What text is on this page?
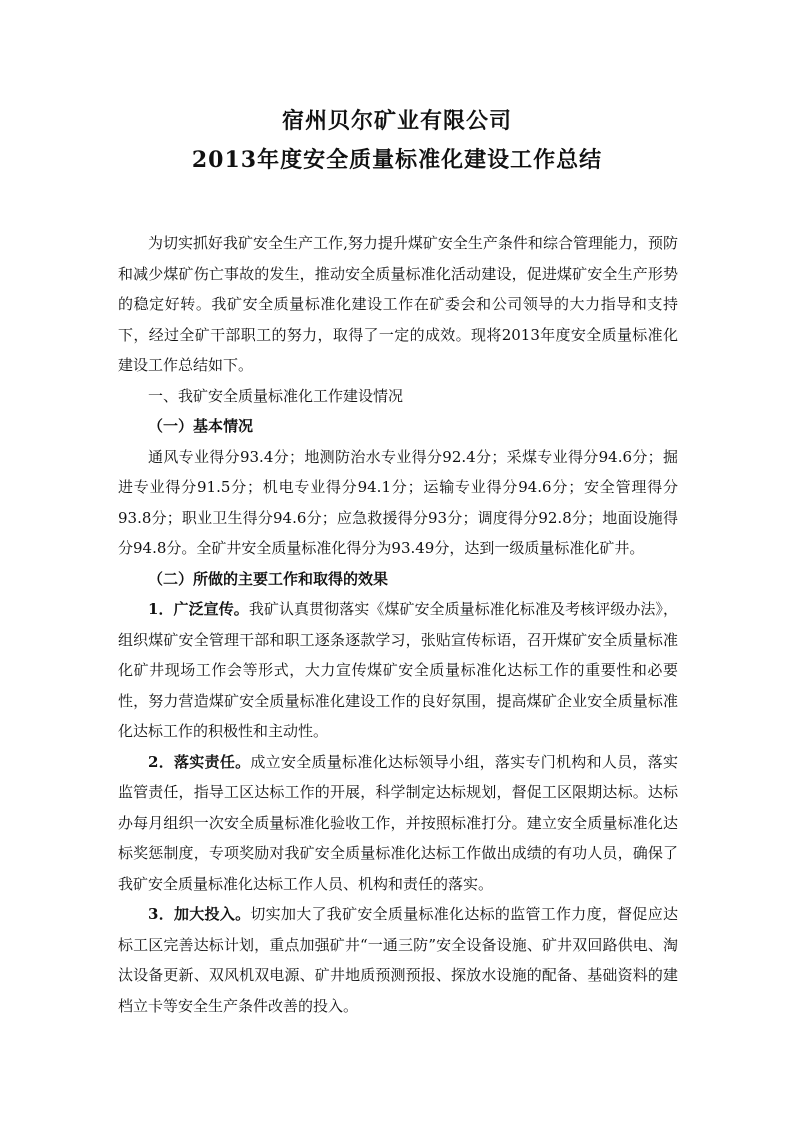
宿州贝尔矿业有限公司
2013年度安全质量标准化建设工作总结

为切实抓好我矿安全生产工作,努力提升煤矿安全生产条件和综合管理能力，预防和减少煤矿伤亡事故的发生，推动安全质量标准化活动建设，促进煤矿安全生产形势的稳定好转。我矿安全质量标准化建设工作在矿委会和公司领导的大力指导和支持下，经过全矿干部职工的努力，取得了一定的成效。现将2013年度安全质量标准化建设工作总结如下。

一、我矿安全质量标准化工作建设情况

（一）基本情况

通风专业得分93.4分；地测防治水专业得分92.4分；采煤专业得分94.6分；掘进专业得分91.5分；机电专业得分94.1分；运输专业得分94.6分；安全管理得分93.8分；职业卫生得分94.6分；应急救援得分93分；调度得分92.8分；地面设施得分94.8分。全矿井安全质量标准化得分为93.49分，达到一级质量标准化矿井。

（二）所做的主要工作和取得的效果

1．广泛宣传。我矿认真贯彻落实《煤矿安全质量标准化标准及考核评级办法》，组织煤矿安全管理干部和职工逐条逐款学习，张贴宣传标语，召开煤矿安全质量标准化矿井现场工作会等形式，大力宣传煤矿安全质量标准化达标工作的重要性和必要性，努力营造煤矿安全质量标准化建设工作的良好氛围，提高煤矿企业安全质量标准化达标工作的积极性和主动性。

2．落实责任。成立安全质量标准化达标领导小组，落实专门机构和人员，落实监管责任，指导工区达标工作的开展，科学制定达标规划，督促工区限期达标。达标办每月组织一次安全质量标准化验收工作，并按照标准打分。建立安全质量标准化达标奖惩制度，专项奖励对我矿安全质量标准化达标工作做出成绩的有功人员，确保了我矿安全质量标准化达标工作人员、机构和责任的落实。

3．加大投入。切实加大了我矿安全质量标准化达标的监管工作力度，督促应达标工区完善达标计划，重点加强矿井“一通三防”安全设备设施、矿井双回路供电、淘汰设备更新、双风机双电源、矿井地质预测预报、探放水设施的配备、基础资料的建档立卡等安全生产条件改善的投入。
